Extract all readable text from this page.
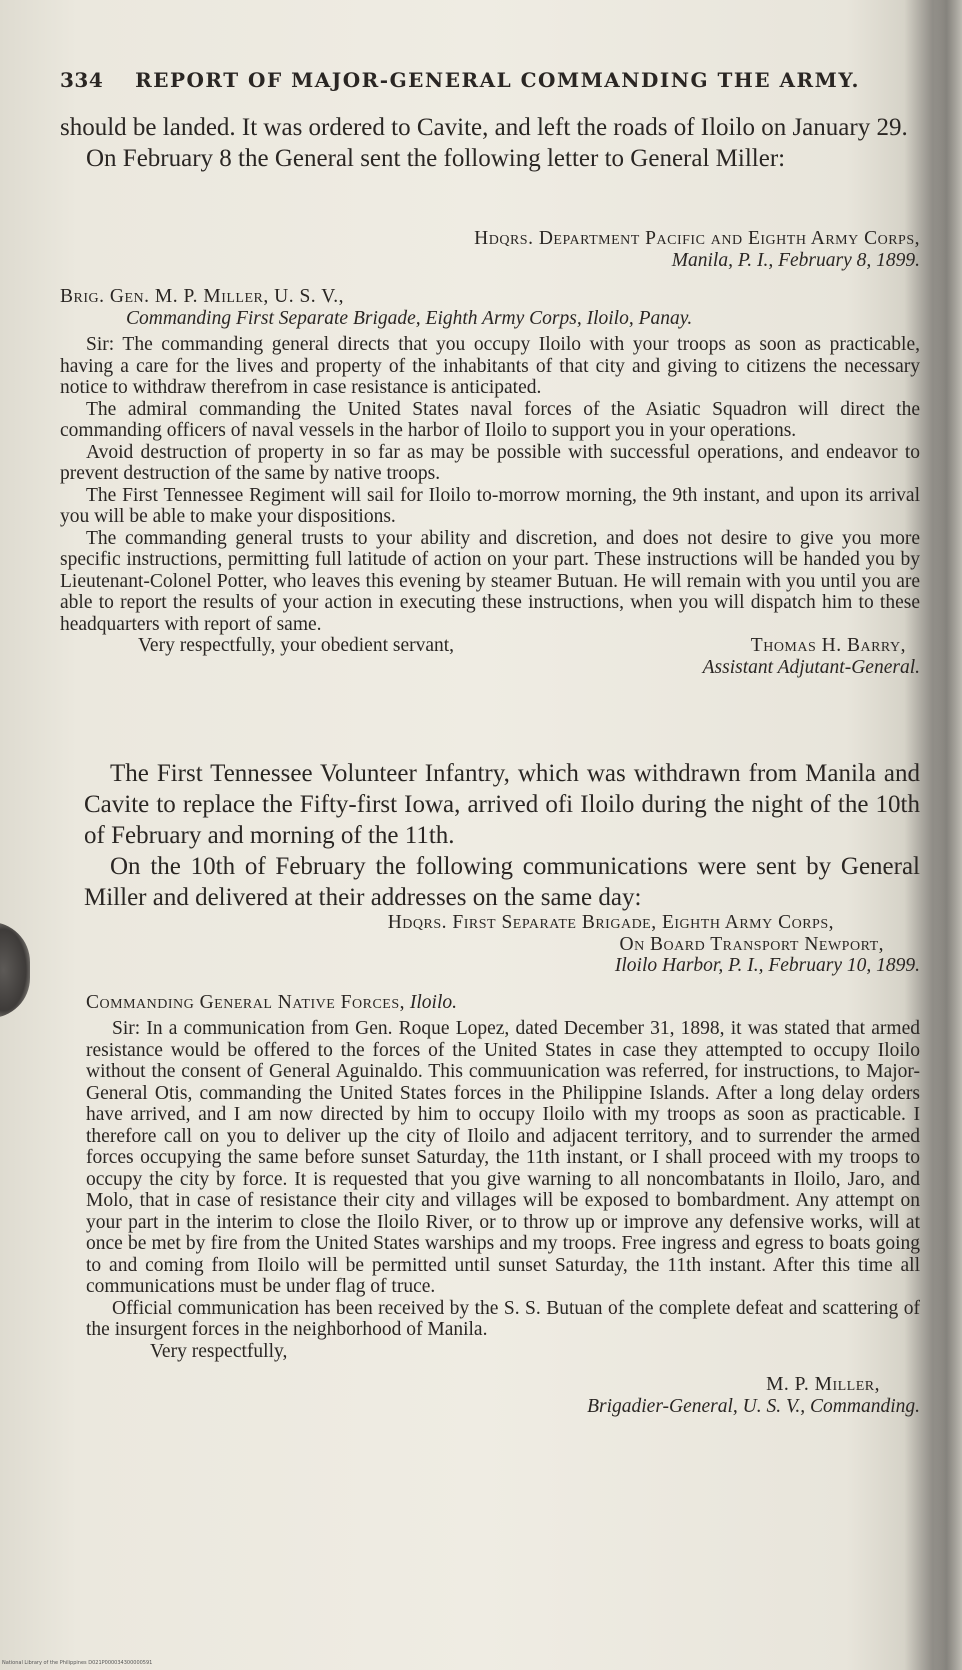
334 REPORT OF MAJOR-GENERAL COMMANDING THE ARMY.

should be landed. It was ordered to Cavite, and left the roads of Iloilo on January 29.

On February 8 the General sent the following letter to General Miller:

Hdqrs. Department Pacific and Eighth Army Corps,

Manila, P. I., February 8, 1899.

Brig. Gen. M. P. Miller, U. S. V.,

Commanding First Separate Brigade, Eighth Army Corps, Iloilo, Panay.

Sir: The commanding general directs that you occupy Iloilo with your troops as soon as practicable, having a care for the lives and property of the inhabitants of that city and giving to citizens the necessary notice to withdraw therefrom in case resistance is anticipated.

The admiral commanding the United States naval forces of the Asiatic Squadron will direct the commanding officers of naval vessels in the harbor of Iloilo to support you in your operations.

Avoid destruction of property in so far as may be possible with successful operations, and endeavor to prevent destruction of the same by native troops.

The First Tennessee Regiment will sail for Iloilo to-morrow morning, the 9th instant, and upon its arrival you will be able to make your dispositions.

The commanding general trusts to your ability and discretion, and does not desire to give you more specific instructions, permitting full latitude of action on your part. These instructions will be handed you by Lieutenant-Colonel Potter, who leaves this evening by steamer Butuan. He will remain with you until you are able to report the results of your action in executing these instructions, when you will dispatch him to these headquarters with report of same.

Very respectfully, your obedient servant,	Thomas H. Barry,

Assistant Adjutant-General.

The First Tennessee Volunteer Infantry, which was withdrawn from Manila and Cavite to replace the Fifty-first Iowa, arrived ofi Iloilo during the night of the 10th of February and morning of the 11th.

On the 10th of February the following communications were sent by General Miller and delivered at their addresses on the same day:

Hdqrs. First Separate Brigade, Eighth Army Corps,

On Board Transport Newport,

Iloilo Harbor, P. I., February 10, 1899.

Commanding General Native Forces, Iloilo.

Sir: In a communication from Gen. Roque Lopez, dated December 31, 1898, it was stated that armed resistance would be offered to the forces of the United States in case they attempted to occupy Iloilo without the consent of General Aguinaldo. This commuunication was referred, for instructions, to Major-General Otis, commanding the United States forces in the Philippine Islands. After a long delay orders have arrived, and I am now directed by him to occupy Iloilo with my troops as soon as practicable. I therefore call on you to deliver up the city of Iloilo and adjacent territory, and to surrender the armed forces occupying the same before sunset Saturday, the 11th instant, or I shall proceed with my troops to occupy the city by force. It is requested that you give warning to all noncombatants in Iloilo, Jaro, and Molo, that in case of resistance their city and villages will be exposed to bombardment. Any attempt on your part in the interim to close the Iloilo River, or to throw up or improve any defensive works, will at once be met by fire from the United States warships and my troops. Free ingress and egress to boats going to and coming from Iloilo will be permitted until sunset Saturday, the 11th instant. After this time all communications must be under flag of truce.

Official communication has been received by the S. S. Butuan of the complete defeat and scattering of the insurgent forces in the neighborhood of Manila.

Very respectfully,

M. P. Miller,

Brigadier-General, U. S. V., Commanding.

National Library of the Philippines D021P000034300000591
